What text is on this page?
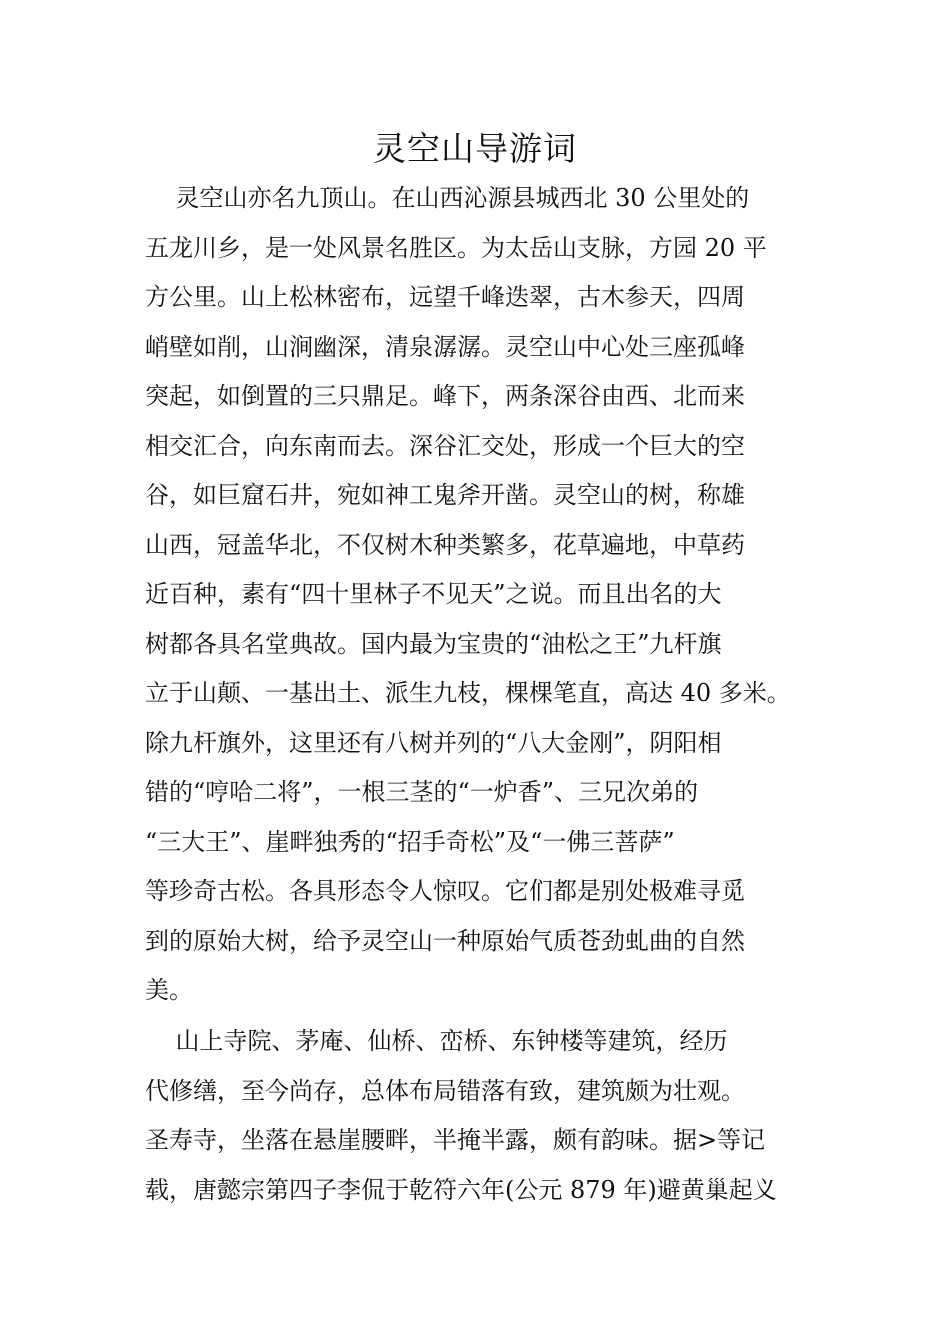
灵空山导游词
灵空山亦名九顶山。在山西沁源县城西北 30 公里处的
五龙川乡，是一处风景名胜区。为太岳山支脉，方园 20 平
方公里。山上松林密布，远望千峰迭翠，古木参天，四周
峭壁如削，山涧幽深，清泉潺潺。灵空山中心处三座孤峰
突起，如倒置的三只鼎足。峰下，两条深谷由西、北而来
相交汇合，向东南而去。深谷汇交处，形成一个巨大的空
谷，如巨窟石井，宛如神工鬼斧开凿。灵空山的树，称雄
山西，冠盖华北，不仅树木种类繁多，花草遍地，中草药
近百种，素有“四十里林子不见天”之说。而且出名的大
树都各具名堂典故。国内最为宝贵的“油松之王”九杆旗
立于山颠、一基出土、派生九枝，棵棵笔直，高达 40 多米。
除九杆旗外，这里还有八树并列的“八大金刚”，阴阳相
错的“哼哈二将”，一根三茎的“一炉香”、三兄次弟的
“三大王”、崖畔独秀的“招手奇松”及“一佛三菩萨”
等珍奇古松。各具形态令人惊叹。它们都是别处极难寻觅
到的原始大树，给予灵空山一种原始气质苍劲虬曲的自然
美。
山上寺院、茅庵、仙桥、峦桥、东钟楼等建筑，经历
代修缮，至今尚存，总体布局错落有致，建筑颇为壮观。
圣寿寺，坐落在悬崖腰畔，半掩半露，颇有韵味。据>等记
载，唐懿宗第四子李侃于乾符六年(公元 879 年)避黄巢起义
